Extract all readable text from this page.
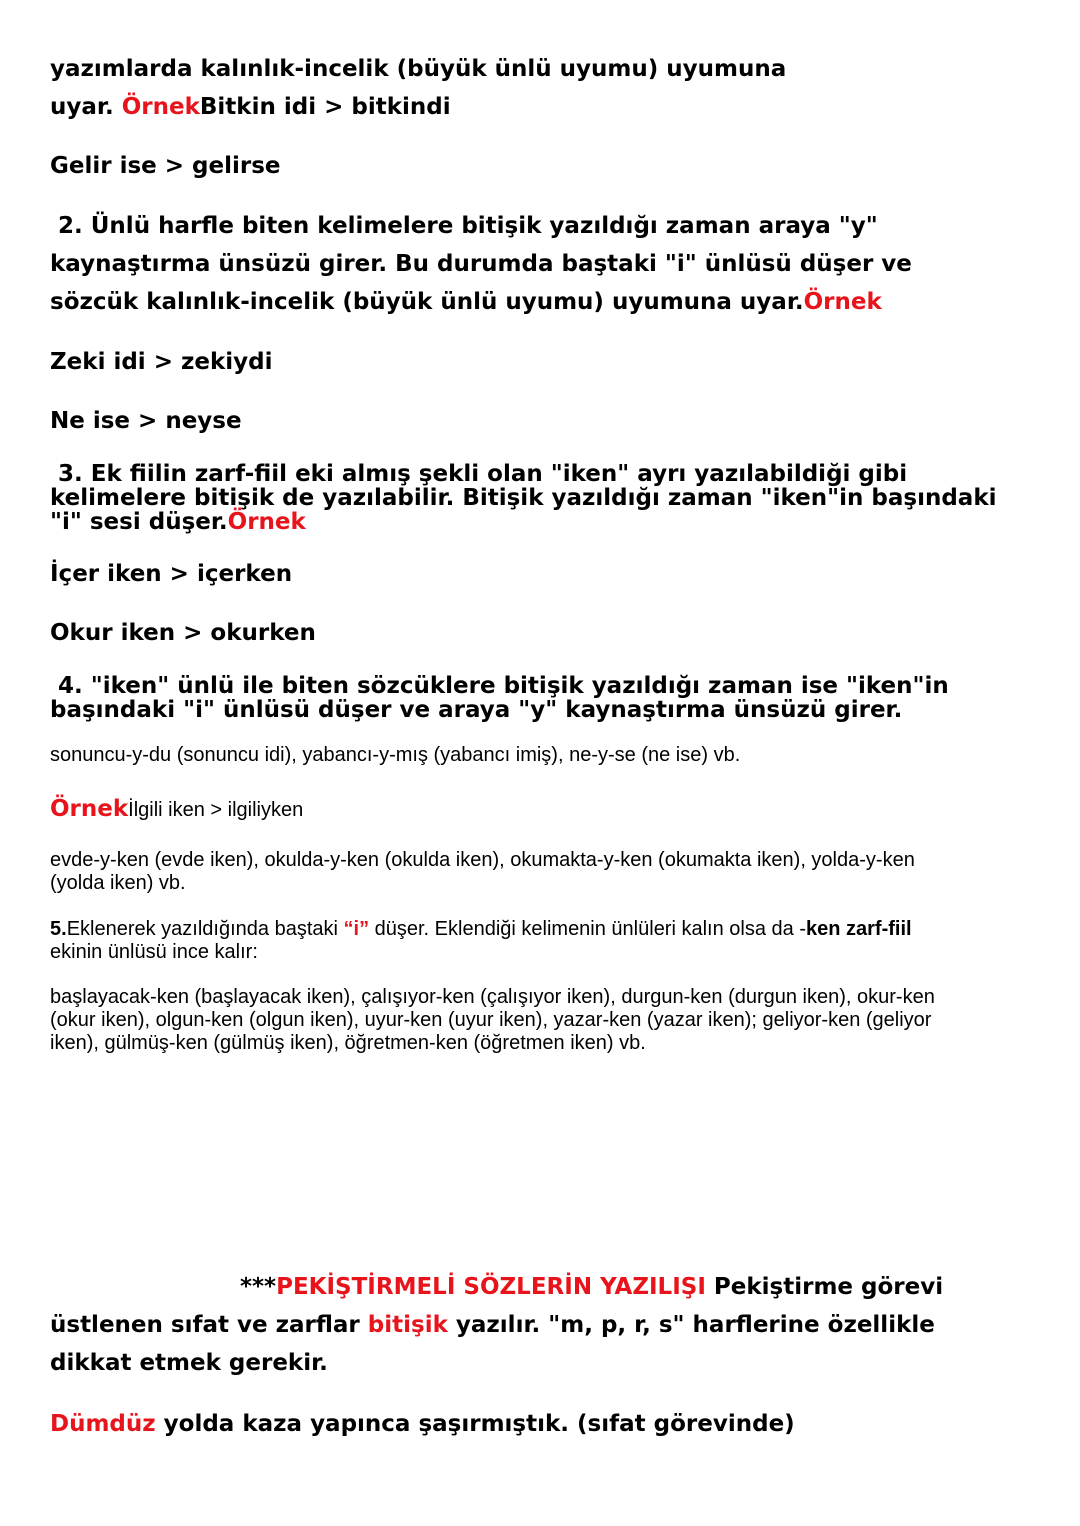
yazımlarda kalınlık-incelik (büyük ünlü uyumu) uyumuna
uyar. ÖrnekBitkin idi > bitkindi
Gelir ise > gelirse
2. Ünlü harfle biten kelimelere bitişik yazıldığı zaman araya "y"
kaynaştırma ünsüzü girer. Bu durumda baştaki "i" ünlüsü düşer ve
sözcük kalınlık-incelik (büyük ünlü uyumu) uyumuna uyar.Örnek
Zeki idi > zekiydi
Ne ise > neyse
3. Ek fiilin zarf-fiil eki almış şekli olan "iken" ayrı yazılabildiği gibi
kelimelere bitişik de yazılabilir. Bitişik yazıldığı zaman "iken"in başındaki
"i" sesi düşer.Örnek
İçer iken > içerken
Okur iken > okurken
4. "iken" ünlü ile biten sözcüklere bitişik yazıldığı zaman ise "iken"in
başındaki "i" ünlüsü düşer ve araya "y" kaynaştırma ünsüzü girer.
sonuncu-y-du (sonuncu idi), yabancı-y-mış (yabancı imiş), ne-y-se (ne ise) vb.
Örnekİlgili iken > ilgiliyken
evde-y-ken (evde iken), okulda-y-ken (okulda iken), okumakta-y-ken (okumakta iken), yolda-y-ken
(yolda iken) vb.
5.Eklenerek yazıldığında baştaki “i” düşer. Eklendiği kelimenin ünlüleri kalın olsa da -ken zarf-fiil
ekinin ünlüsü ince kalır:
başlayacak-ken (başlayacak iken), çalışıyor-ken (çalışıyor iken), durgun-ken (durgun iken), okur-ken
(okur iken), olgun-ken (olgun iken), uyur-ken (uyur iken), yazar-ken (yazar iken); geliyor-ken (geliyor
iken), gülmüş-ken (gülmüş iken), öğretmen-ken (öğretmen iken) vb.
***PEKİŞTİRMELİ SÖZLERİN YAZILIŞI Pekiştirme görevi
üstlenen sıfat ve zarflar bitişik yazılır. "m, p, r, s" harflerine özellikle
dikkat etmek gerekir.
Dümdüz yolda kaza yapınca şaşırmıştık. (sıfat görevinde)
